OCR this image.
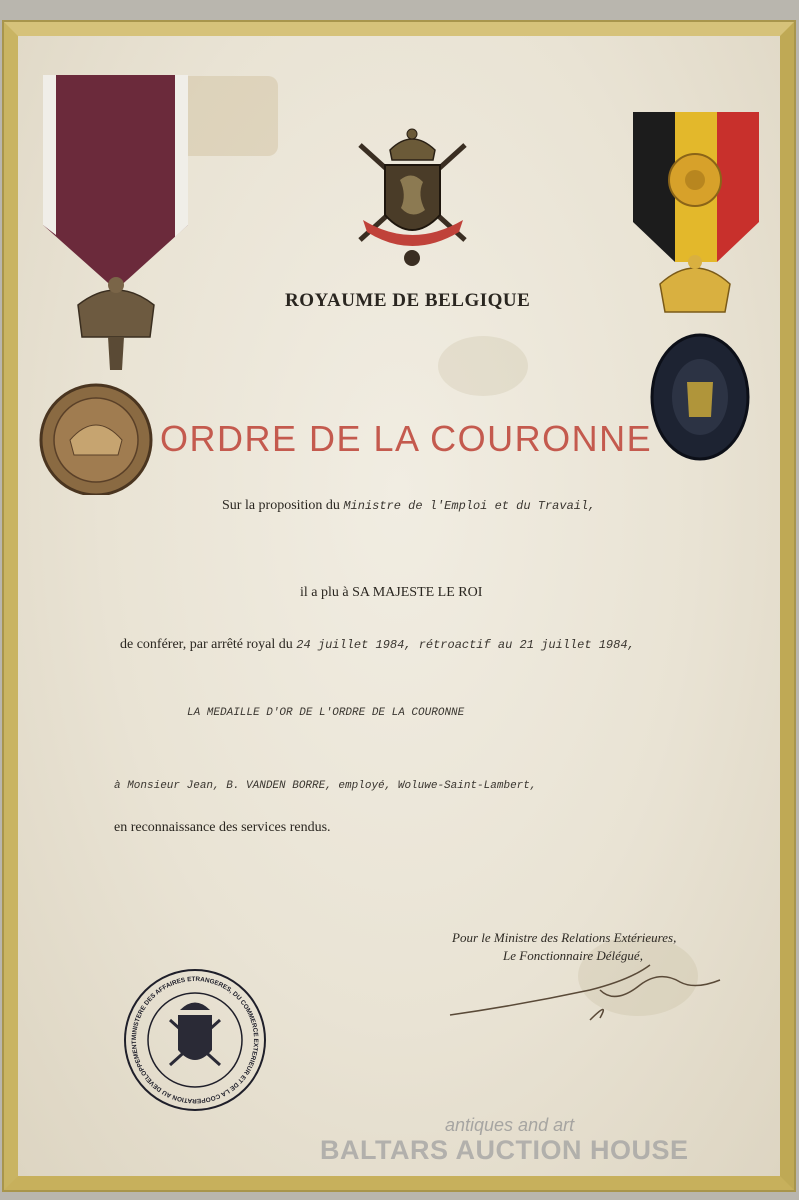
ROYAUME DE BELGIQUE
ORDRE DE LA COURONNE
Sur la proposition du Ministre de l'Emploi et du Travail,
il a plu à SA MAJESTE LE ROI
de conférer, par arrêté royal du 24 juillet 1984, rétroactif au 21 juillet 1984,
LA MEDAILLE D'OR DE L'ORDRE DE LA COURONNE
à Monsieur Jean, B. VANDEN BORRE, employé, Woluwe-Saint-Lambert,
en reconnaissance des services rendus.
Pour le Ministre des Relations Extérieures,
Le Fonctionnaire Délégué,
MINISTERE DES AFFAIRES ETRANGERES, DU COMMERCE EXTERIEUR ET DE LA COOPERATION AU DEVELOPPEMENT
antiques and art
BALTARS AUCTION HOUSE
